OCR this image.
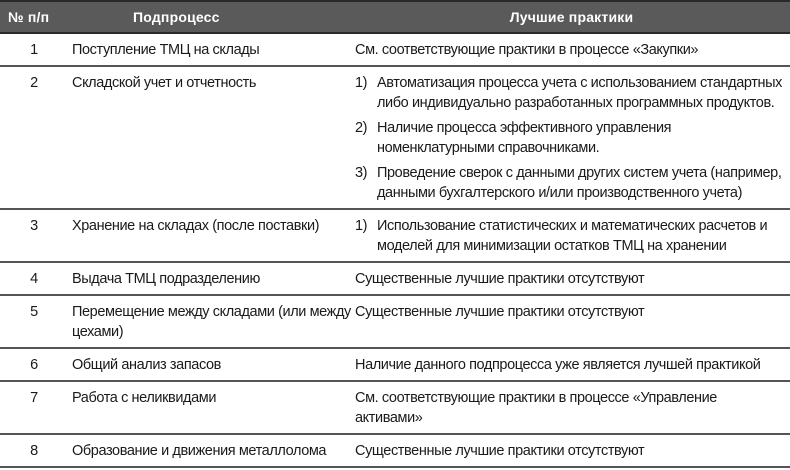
№ п/п	Подпроцесс	Лучшие практики
1	Поступление ТМЦ на склады	См. соответствующие практики в процессе «Закупки»
2	Складской учет и отчетность	1) Автоматизация процесса учета с использованием стандартных либо индивидуально разработанных программных продуктов.
2) Наличие процесса эффективного управления номенклатурными справочниками.
3) Проведение сверок с данными других систем учета (например, данными бухгалтерского и/или производственного учета)

3	Хранение на складах (после поставки)	1) Использование статистических и математических расчетов и моделей для минимизации остатков ТМЦ на хранении

4	Выдача ТМЦ подразделению	Существенные лучшие практики отсутствуют
5	Перемещение между складами (или между цехами)	Существенные лучшие практики отсутствуют
6	Общий анализ запасов	Наличие данного подпроцесса уже является лучшей практикой
7	Работа с неликвидами	См. соответствующие практики в процессе «Управление активами»
8	Образование и движения металлолома	Существенные лучшие практики отсутствуют
